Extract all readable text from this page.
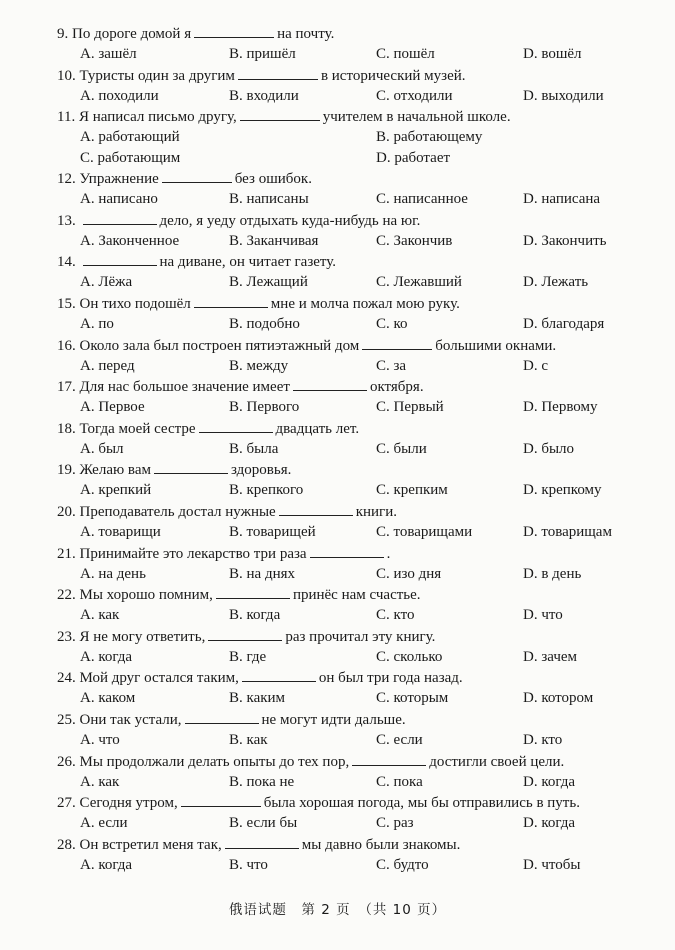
9. По дороге домой я	на почту.
A. зашёл	B. пришёл	C. пошёл	D. вошёл
10. Туристы один за другим	в исторический музей.
A. походили	B. входили	C. отходили	D. выходили
11. Я написал письмо другу,	учителем в начальной школе.
A. работающий	B. работающему
C. работающим	D. работает
12. Упражнение	без ошибок.
A. написано	B. написаны	C. написанное	D. написана
13.	дело, я уеду отдыхать куда-нибудь на юг.
A. Законченное	B. Заканчивая	C. Закончив	D. Закончить
14.	на диване, он читает газету.
A. Лёжа	B. Лежащий	C. Лежавший	D. Лежать
15. Он тихо подошёл	мне и молча пожал мою руку.
A. по	B. подобно	C. ко	D. благодаря
16. Около зала был построен пятиэтажный дом	большими окнами.
A. перед	B. между	C. за	D. с
17. Для нас большое значение имеет	октября.
A. Первое	B. Первого	C. Первый	D. Первому
18. Тогда моей сестре	двадцать лет.
A. был	B. была	C. были	D. было
19. Желаю вам	здоровья.
A. крепкий	B. крепкого	C. крепким	D. крепкому
20. Преподаватель достал нужные	книги.
A. товарищи	B. товарищей	C. товарищами	D. товарищам
21. Принимайте это лекарство три раза	.
A. на день	B. на днях	C. изо дня	D. в день
22. Мы хорошо помним,	принёс нам счастье.
A. как	B. когда	C. кто	D. что
23. Я не могу ответить,	раз прочитал эту книгу.
A. когда	B. где	C. сколько	D. зачем
24. Мой друг остался таким,	он был три года назад.
A. каком	B. каким	C. которым	D. котором
25. Они так устали,	не могут идти дальше.
A. что	B. как	C. если	D. кто
26. Мы продолжали делать опыты до тех пор,	достигли своей цели.
A. как	B. пока не	C. пока	D. когда
27. Сегодня утром,	была хорошая погода, мы бы отправились в путь.
A. если	B. если бы	C. раз	D. когда
28. Он встретил меня так,	мы давно были знакомы.
A. когда	B. что	C. будто	D. чтобы
俄语试题　第 2 页　（共 10 页）
